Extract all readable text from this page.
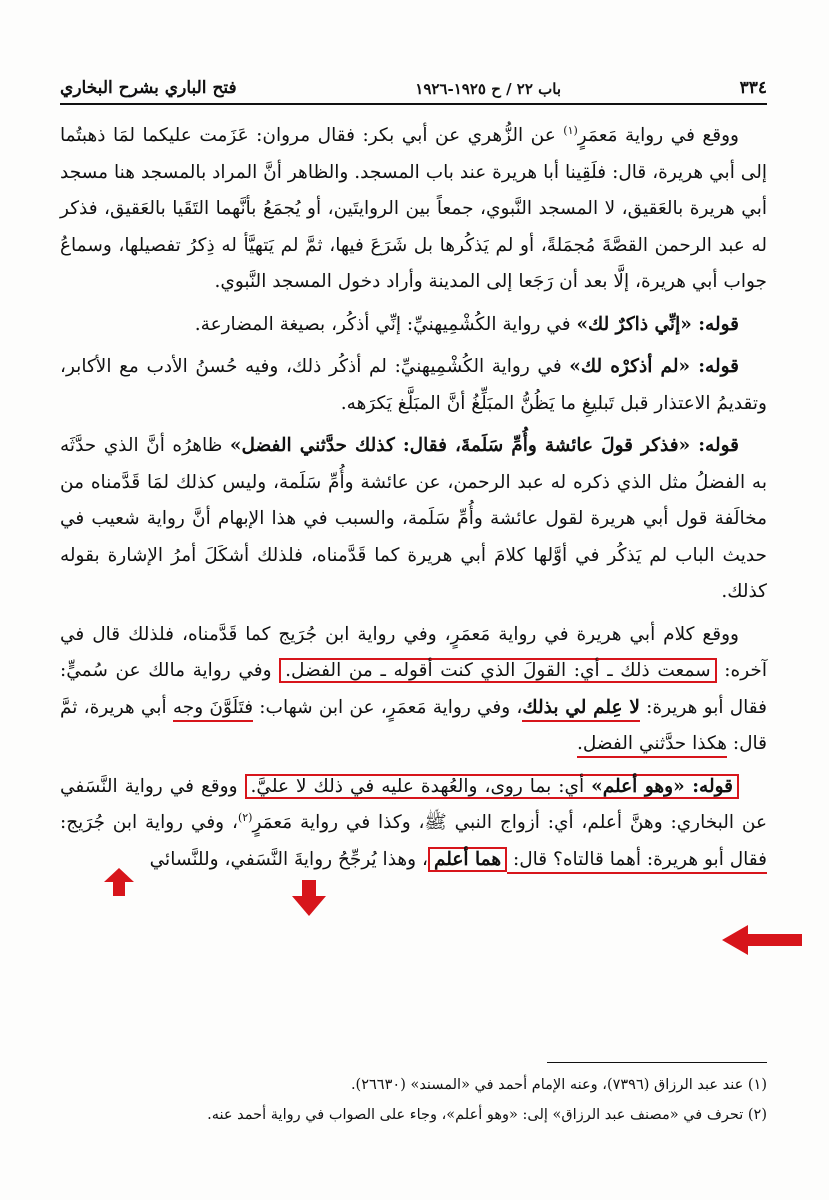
٣٣٤
باب ٢٢ / ح ١٩٢٥-١٩٢٦
فتح الباري بشرح البخاري

ووقع في رواية مَعمَرٍ$^{(١)}$ عن الزُّهري عن أبي بكر: فقال مروان: عَزَمت عليكما لمَا ذهبتُما إلى أبي هريرة، قال: فلَقِينا أبا هريرة عند باب المسجد. والظاهر أنَّ المراد بالمسجد هنا مسجد أبي هريرة بالعَقيق، لا المسجد النَّبوي، جمعاً بين الروايتَين، أو يُجمَعُ بأنَّهما التَقَيا بالعَقيق، فذكر له عبد الرحمن القصَّةَ مُجمَلةً، أو لم يَذكُرها بل شَرَعَ فيها، ثمَّ لم يَتهيَّأ له ذِكرُ تفصيلها، وسماعُ جواب أبي هريرة، إلَّا بعد أن رَجَعا إلى المدينة وأراد دخول المسجد النَّبوي.

قوله: «إنِّي ذاكرٌ لك» في رواية الكُشْمِيهنيِّ: إنِّي أذكُر، بصيغة المضارعة.

قوله: «لم أذكرْه لك» في رواية الكُشْمِيهنيِّ: لم أذكُر ذلك، وفيه حُسنُ الأدب مع الأكابر، وتقديمُ الاعتذار قبل تَبليغِ ما يَظُنُّ المبَلِّغُ أنَّ المبَلَّغ يَكرَهه.

قوله: «فذكر قولَ عائشة وأُمِّ سَلَمةَ، فقال: كذلك حدَّثني الفضل» ظاهرُه أنَّ الذي حدَّثَه به الفضلُ مثل الذي ذكره له عبد الرحمن، عن عائشة وأُمِّ سَلَمة، وليس كذلك لمَا قَدَّمناه من مخالَفة قول أبي هريرة لقول عائشة وأُمِّ سَلَمة، والسبب في هذا الإبهام أنَّ رواية شعيب في حديث الباب لم يَذكُر في أوَّلها كلامَ أبي هريرة كما قَدَّمناه، فلذلك أشكَلَ أمرُ الإشارة بقوله كذلك.

ووقع كلام أبي هريرة في رواية مَعمَرٍ، وفي رواية ابن جُرَيج كما قَدَّمناه، فلذلك قال في آخره: سمعت ذلك ـ أي: القولَ الذي كنت أقوله ـ من الفضل. وفي رواية مالك عن سُميٍّ: فقال أبو هريرة: لا عِلم لي بذلك، وفي رواية مَعمَرٍ، عن ابن شهاب: فتَلَوَّنَ وجه أبي هريرة، ثمَّ قال: هكذا حدَّثني الفضل.

قوله: «وهو أعلم» أي: بما روى، والعُهدة عليه في ذلك لا عليَّ. ووقع في رواية النَّسَفي عن البخاري: وهنَّ أعلم، أي: أزواج النبي ﷺ، وكذا في رواية مَعمَرٍ$^{(٢)}$، وفي رواية ابن جُرَيج: فقال أبو هريرة: أهما قالتاه؟ قال: هما أعلم، وهذا يُرجِّحُ روايةَ النَّسَفي، وللنَّسائي

(١) عند عبد الرزاق (٧٣٩٦)، وعنه الإمام أحمد في «المسند» (٢٦٦٣٠).

(٢) تحرف في «مصنف عبد الرزاق» إلى: «وهو أعلم»، وجاء على الصواب في رواية أحمد عنه.
